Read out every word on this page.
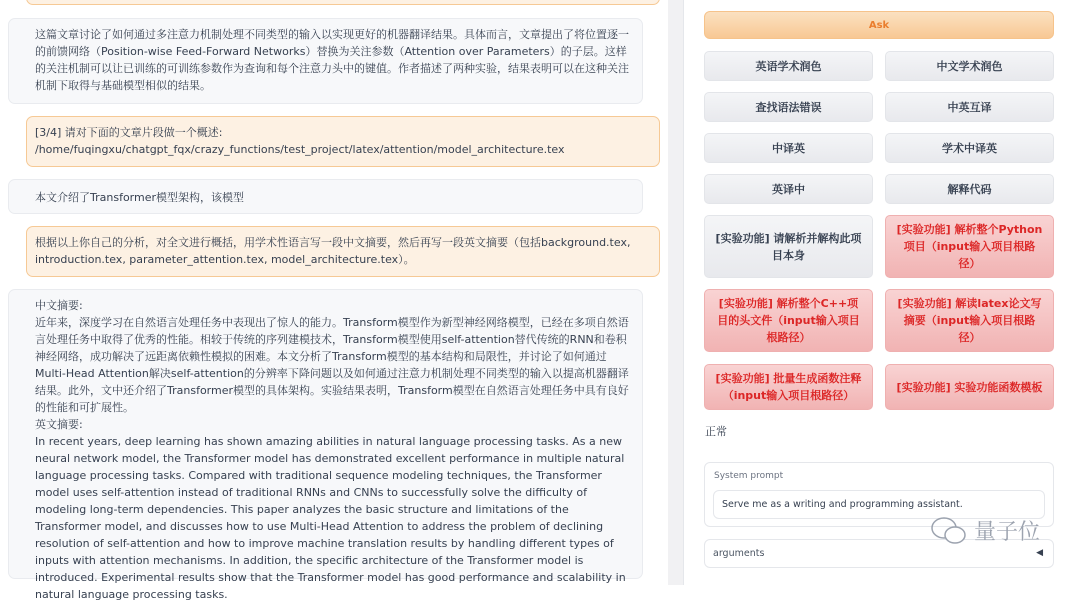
这篇文章讨论了如何通过多注意力机制处理不同类型的输入以实现更好的机器翻译结果。具体而言，文章提出了将位置逐一的前馈网络（Position-wise Feed-Forward Networks）替换为关注参数（Attention over Parameters）的子层。这样的关注机制可以让已训练的可训练参数作为查询和每个注意力头中的键值。作者描述了两种实验，结果表明可以在这种关注机制下取得与基础模型相似的结果。
[3/4] 请对下面的文章片段做一个概述:
/home/fuqingxu/chatgpt_fqx/crazy_functions/test_project/latex/attention/model_architecture.tex
本文介绍了Transformer模型架构，该模型
根据以上你自己的分析，对全文进行概括，用学术性语言写一段中文摘要，然后再写一段英文摘要（包括background.tex, introduction.tex, parameter_attention.tex, model_architecture.tex）。
中文摘要:
近年来，深度学习在自然语言处理任务中表现出了惊人的能力。Transform模型作为新型神经网络模型，已经在多项自然语言处理任务中取得了优秀的性能。相较于传统的序列建模技术，Transform模型使用self-attention替代传统的RNN和卷积神经网络，成功解决了远距离依赖性模拟的困难。本文分析了Transform模型的基本结构和局限性，并讨论了如何通过Multi-Head Attention解决self-attention的分辨率下降问题以及如何通过注意力机制处理不同类型的输入以提高机器翻译结果。此外，文中还介绍了Transformer模型的具体架构。实验结果表明，Transform模型在自然语言处理任务中具有良好的性能和可扩展性。
英文摘要:
In recent years, deep learning has shown amazing abilities in natural language processing tasks. As a new neural network model, the Transformer model has demonstrated excellent performance in multiple natural language processing tasks. Compared with traditional sequence modeling techniques, the Transformer model uses self-attention instead of traditional RNNs and CNNs to successfully solve the difficulty of modeling long-term dependencies. This paper analyzes the basic structure and limitations of the Transformer model, and discusses how to use Multi-Head Attention to address the problem of declining resolution of self-attention and how to improve machine translation results by handling different types of inputs with attention mechanisms. In addition, the specific architecture of the Transformer model is introduced. Experimental results show that the Transformer model has good performance and scalability in natural language processing tasks.
Ask
英语学术润色	中文学术润色
查找语法错误	中英互译
中译英	学术中译英
英译中	解释代码
[实验功能] 请解析并解构此项目本身
[实验功能] 解析整个Python项目（input输入项目根路径）
[实验功能] 解析整个C++项目的头文件（input输入项目根路径）
[实验功能] 解读latex论文写摘要（input输入项目根路径）
[实验功能] 批量生成函数注释（input输入项目根路径）
[实验功能] 实验功能函数模板
正常
System prompt
Serve me as a writing and programming assistant.
arguments	◀
量子位
